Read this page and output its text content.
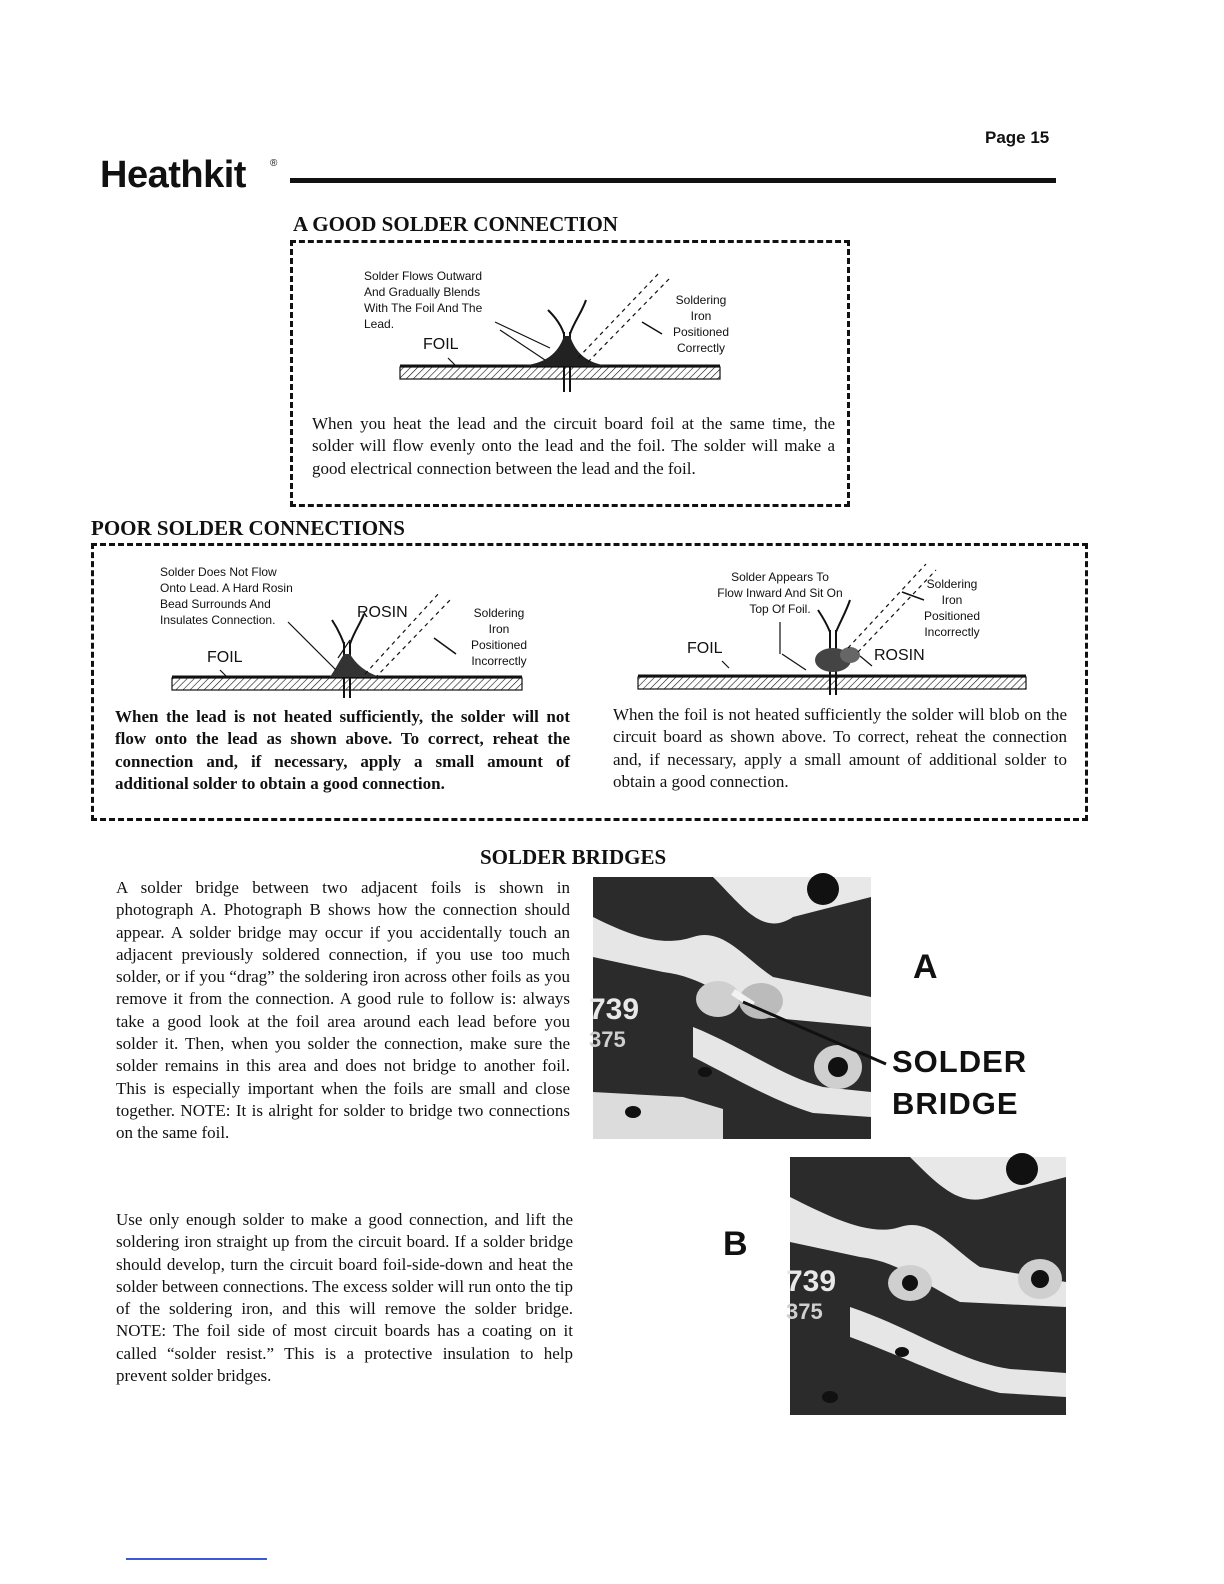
Page 15
Heathkit ®
A GOOD SOLDER CONNECTION
Solder Flows Outward
And Gradually Blends
With The Foil And The
Lead.
FOIL
Soldering
Iron
Positioned
Correctly
When you heat the lead and the circuit board foil at the same time, the solder will flow evenly onto the lead and the foil. The solder will make a good electrical connection between the lead and the foil.
POOR SOLDER CONNECTIONS
Solder Does Not Flow
Onto Lead. A Hard Rosin
Bead Surrounds And
Insulates Connection.	ROSIN
FOIL
Soldering
Iron
Positioned
Incorrectly
Solder Appears To
Flow Inward And Sit On
Top Of Foil.
FOIL	ROSIN
Soldering
Iron
Positioned
Incorrectly
When the lead is not heated sufficiently, the solder will not flow onto the lead as shown above. To correct, reheat the connection and, if necessary, apply a small amount of additional solder to obtain a good connection.
When the foil is not heated sufficiently the solder will blob on the circuit board as shown above. To correct, reheat the connection and, if necessary, apply a small amount of additional solder to obtain a good connection.
SOLDER BRIDGES
A solder bridge between two adjacent foils is shown in photograph A. Photograph B shows how the connection should appear. A solder bridge may occur if you accidentally touch an adjacent previously soldered connection, if you use too much solder, or if you “drag” the soldering iron across other foils as you remove it from the connection. A good rule to follow is: always take a good look at the foil area around each lead before you solder it. Then, when you solder the connection, make sure the solder remains in this area and does not bridge to another foil. This is especially important when the foils are small and close together. NOTE: It is alright for solder to bridge two connections on the same foil.
Use only enough solder to make a good connection, and lift the soldering iron straight up from the circuit board. If a solder bridge should develop, turn the circuit board foil-side-down and heat the solder between connections. The excess solder will run onto the tip of the soldering iron, and this will remove the solder bridge. NOTE: The foil side of most circuit boards has a coating on it called “solder resist.” This is a protective insulation to help prevent solder bridges.
739
375
739
375
A
B
SOLDER
BRIDGE
